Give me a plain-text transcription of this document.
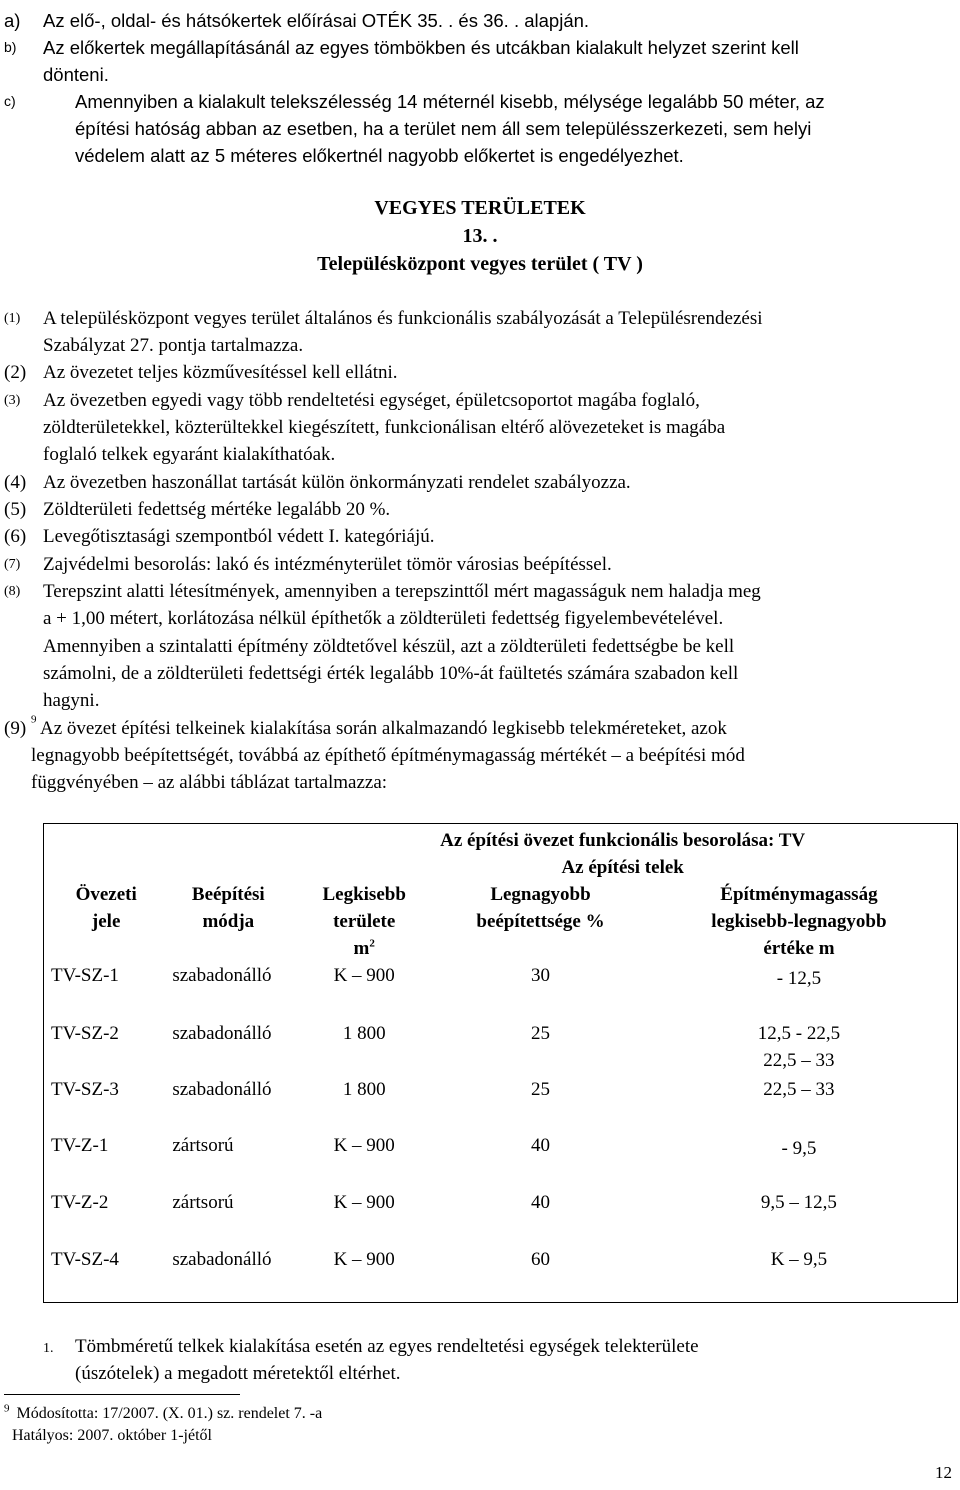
a) Az elő-, oldal- és hátsókertek előírásai OTÉK 35. . és 36. . alapján.
b) Az előkertek megállapításánál az egyes tömbökben és utcákban kialakult helyzet szerint kell
dönteni.
c)	Amennyiben a kialakult telekszélesség 14 méternél kisebb, mélysége legalább 50 méter, az
építési hatóság abban az esetben, ha a terület nem áll sem településszerkezeti, sem helyi
védelem alatt az 5 méteres előkertnél nagyobb előkertet is engedélyezhet.
VEGYES TERÜLETEK
13. .
Településközpont vegyes terület ( TV )
(1) A településközpont vegyes terület általános és funkcionális szabályozását a Településrendezési
Szabályzat 27. pontja tartalmazza.
(2) Az övezetet teljes közművesítéssel kell ellátni.
(3) Az övezetben egyedi vagy több rendeltetési egységet, épületcsoportot magába foglaló,
zöldterületekkel, közterültekkel kiegészített, funkcionálisan eltérő alövezeteket is magába
foglaló telkek egyaránt kialakíthatóak.
(4) Az övezetben haszonállat tartását külön önkormányzati rendelet szabályozza.
(5) Zöldterületi fedettség mértéke legalább 20 %.
(6) Levegőtisztasági szempontból védett I. kategóriájú.
(7) Zajvédelmi besorolás: lakó és intézményterület tömör városias beépítéssel.
(8) Terepszint alatti létesítmények, amennyiben a terepszinttől mért magasságuk nem haladja meg
a + 1,00 métert, korlátozása nélkül építhetők a zöldterületi fedettség figyelembevételével.
Amennyiben a szintalatti építmény zöldtetővel készül, azt a zöldterületi fedettségbe be kell
számolni, de a zöldterületi fedettségi érték legalább 10%-át faültetés számára szabadon kell
hagyni.
(9) $^9$ Az övezet építési telkeinek kialakítása során alkalmazandó legkisebb telekméreteket, azok
legnagyobb beépítettségét, továbbá az építhető építménymagasság mértékét – a beépítési mód
függvényében – az alábbi táblázat tartalmazza:
		Az építési övezet funkcionális besorolása: TV		
		Az építési telek		
Övezeti
jele	Beépítési
módja	Legkisebb
területe
$m^2$	Legnagyobb
beépítettsége %	Építménymagasság
legkisebb-legnagyobb
értéke m
TV-SZ-1	szabadonálló	K – 900	30	- 12,5
TV-SZ-2	szabadonálló	1 800	25	12,5 - 22,5
22,5 – 33
TV-SZ-3	szabadonálló	1 800	25	22,5 – 33
TV-Z-1	zártsorú	K – 900	40	- 9,5
TV-Z-2	zártsorú	K – 900	40	9,5 – 12,5
TV-SZ-4	szabadonálló	K – 900	60	K – 9,5
1. Tömbméretű telkek kialakítása esetén az egyes rendeltetési egységek telekterülete
(úszótelek) a megadott méretektől eltérhet.
$^9$ Módosította: 17/2007. (X. 01.) sz. rendelet 7. -a
Hatályos: 2007. október 1-jétől
12
